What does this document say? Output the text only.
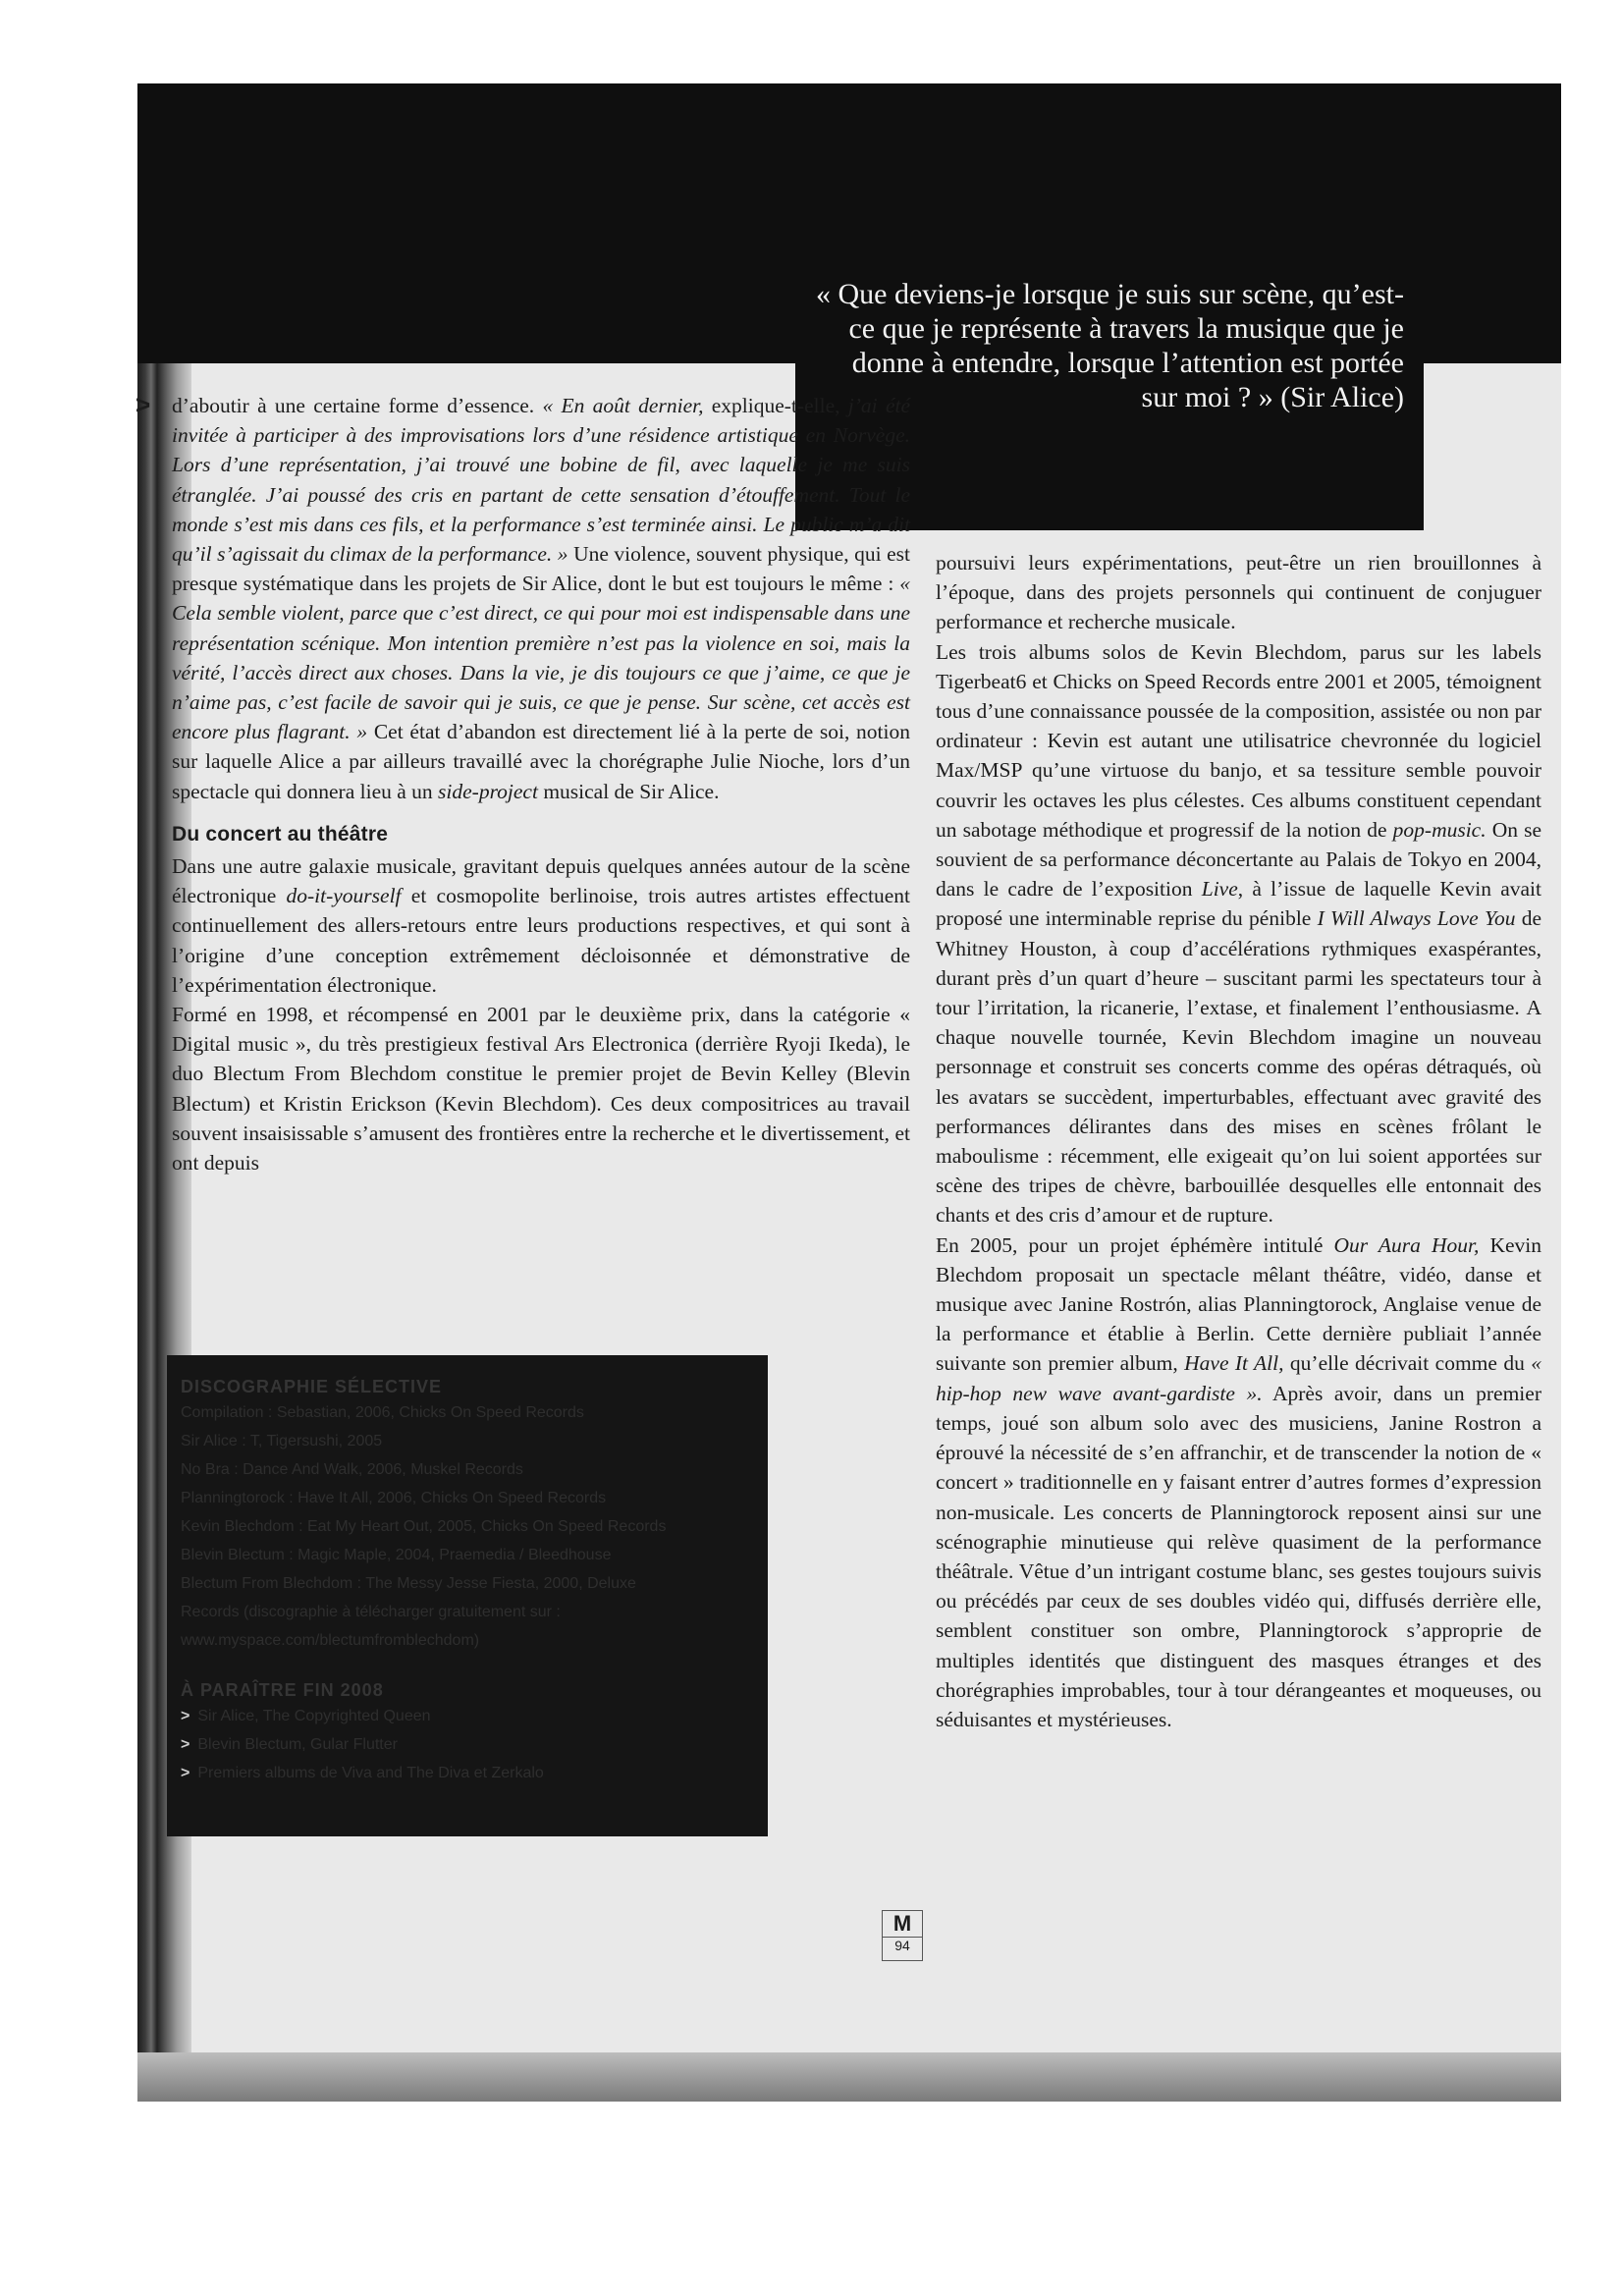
« Que deviens-je lorsque je suis sur scène, qu’est-ce que je représente à travers la musique que je donne à entendre, lorsque l’attention est portée sur moi ? » (Sir Alice)

> d’aboutir à une certaine forme d’essence. « En août dernier, explique-t-elle, j’ai été invitée à participer à des improvisations lors d’une résidence artistique en Norvège. Lors d’une représentation, j’ai trouvé une bobine de fil, avec laquelle je me suis étranglée. J’ai poussé des cris en partant de cette sensation d’étouffement. Tout le monde s’est mis dans ces fils, et la performance s’est terminée ainsi. Le public m’a dit qu’il s’agissait du climax de la performance. » Une violence, souvent physique, qui est presque systématique dans les projets de Sir Alice, dont le but est toujours le même : « Cela semble violent, parce que c’est direct, ce qui pour moi est indispensable dans une représentation scénique. Mon intention première n’est pas la violence en soi, mais la vérité, l’accès direct aux choses. Dans la vie, je dis toujours ce que j’aime, ce que je n’aime pas, c’est facile de savoir qui je suis, ce que je pense. Sur scène, cet accès est encore plus flagrant. » Cet état d’abandon est directement lié à la perte de soi, notion sur laquelle Alice a par ailleurs travaillé avec la chorégraphe Julie Nioche, lors d’un spectacle qui donnera lieu à un side-project musical de Sir Alice.

Du concert au théâtre

Dans une autre galaxie musicale, gravitant depuis quelques années autour de la scène électronique do-it-yourself et cosmopolite berlinoise, trois autres artistes effectuent continuellement des allers-retours entre leurs productions respectives, et qui sont à l’origine d’une conception extrêmement décloisonnée et démonstrative de l’expérimentation électronique.

Formé en 1998, et récompensé en 2001 par le deuxième prix, dans la catégorie « Digital music », du très prestigieux festival Ars Electronica (derrière Ryoji Ikeda), le duo Blectum From Blechdom constitue le premier projet de Bevin Kelley (Blevin Blectum) et Kristin Erickson (Kevin Blechdom). Ces deux compositrices au travail souvent insaisissable s’amusent des frontières entre la recherche et le divertissement, et ont depuis

poursuivi leurs expérimentations, peut-être un rien brouillonnes à l’époque, dans des projets personnels qui continuent de conjuguer performance et recherche musicale.

Les trois albums solos de Kevin Blechdom, parus sur les labels Tigerbeat6 et Chicks on Speed Records entre 2001 et 2005, témoignent tous d’une connaissance poussée de la composition, assistée ou non par ordinateur : Kevin est autant une utilisatrice chevronnée du logiciel Max/MSP qu’une virtuose du banjo, et sa tessiture semble pouvoir couvrir les octaves les plus célestes. Ces albums constituent cependant un sabotage méthodique et progressif de la notion de pop-music. On se souvient de sa performance déconcertante au Palais de Tokyo en 2004, dans le cadre de l’exposition Live, à l’issue de laquelle Kevin avait proposé une interminable reprise du pénible I Will Always Love You de Whitney Houston, à coup d’accélérations rythmiques exaspérantes, durant près d’un quart d’heure – suscitant parmi les spectateurs tour à tour l’irritation, la ricanerie, l’extase, et finalement l’enthousiasme. A chaque nouvelle tournée, Kevin Blechdom imagine un nouveau personnage et construit ses concerts comme des opéras détraqués, où les avatars se succèdent, imperturbables, effectuant avec gravité des performances délirantes dans des mises en scènes frôlant le maboulisme : récemment, elle exigeait qu’on lui soient apportées sur scène des tripes de chèvre, barbouillée desquelles elle entonnait des chants et des cris d’amour et de rupture.

En 2005, pour un projet éphémère intitulé Our Aura Hour, Kevin Blechdom proposait un spectacle mêlant théâtre, vidéo, danse et musique avec Janine Rostrón, alias Planningtorock, Anglaise venue de la performance et établie à Berlin. Cette dernière publiait l’année suivante son premier album, Have It All, qu’elle décrivait comme du « hip-hop new wave avant-gardiste ». Après avoir, dans un premier temps, joué son album solo avec des musiciens, Janine Rostron a éprouvé la nécessité de s’en affranchir, et de transcender la notion de « concert » traditionnelle en y faisant entrer d’autres formes d’expression non-musicale. Les concerts de Planningtorock reposent ainsi sur une scénographie minutieuse qui relève quasiment de la performance théâtrale. Vêtue d’un intrigant costume blanc, ses gestes toujours suivis ou précédés par ceux de ses doubles vidéo qui, diffusés derrière elle, semblent constituer son ombre, Planningtorock s’approprie de multiples identités que distinguent des masques étranges et des chorégraphies improbables, tour à tour dérangeantes et moqueuses, ou séduisantes et mystérieuses.

DISCOGRAPHIE SÉLECTIVE

Compilation : Sebastian, 2006, Chicks On Speed Records

Sir Alice : T, Tigersushi, 2005

No Bra : Dance And Walk, 2006, Muskel Records

Planningtorock : Have It All, 2006, Chicks On Speed Records

Kevin Blechdom : Eat My Heart Out, 2005, Chicks On Speed Records

Blevin Blectum : Magic Maple, 2004, Praemedia / Bleedhouse

Blectum From Blechdom : The Messy Jesse Fiesta, 2000, Deluxe

Records (discographie à télécharger gratuitement sur :

www.myspace.com/blectumfromblechdom)

À PARAÎTRE FIN 2008

> Sir Alice, The Copyrighted Queen

> Blevin Blectum, Gular Flutter

> Premiers albums de Viva and The Diva et Zerkalo

M
94
